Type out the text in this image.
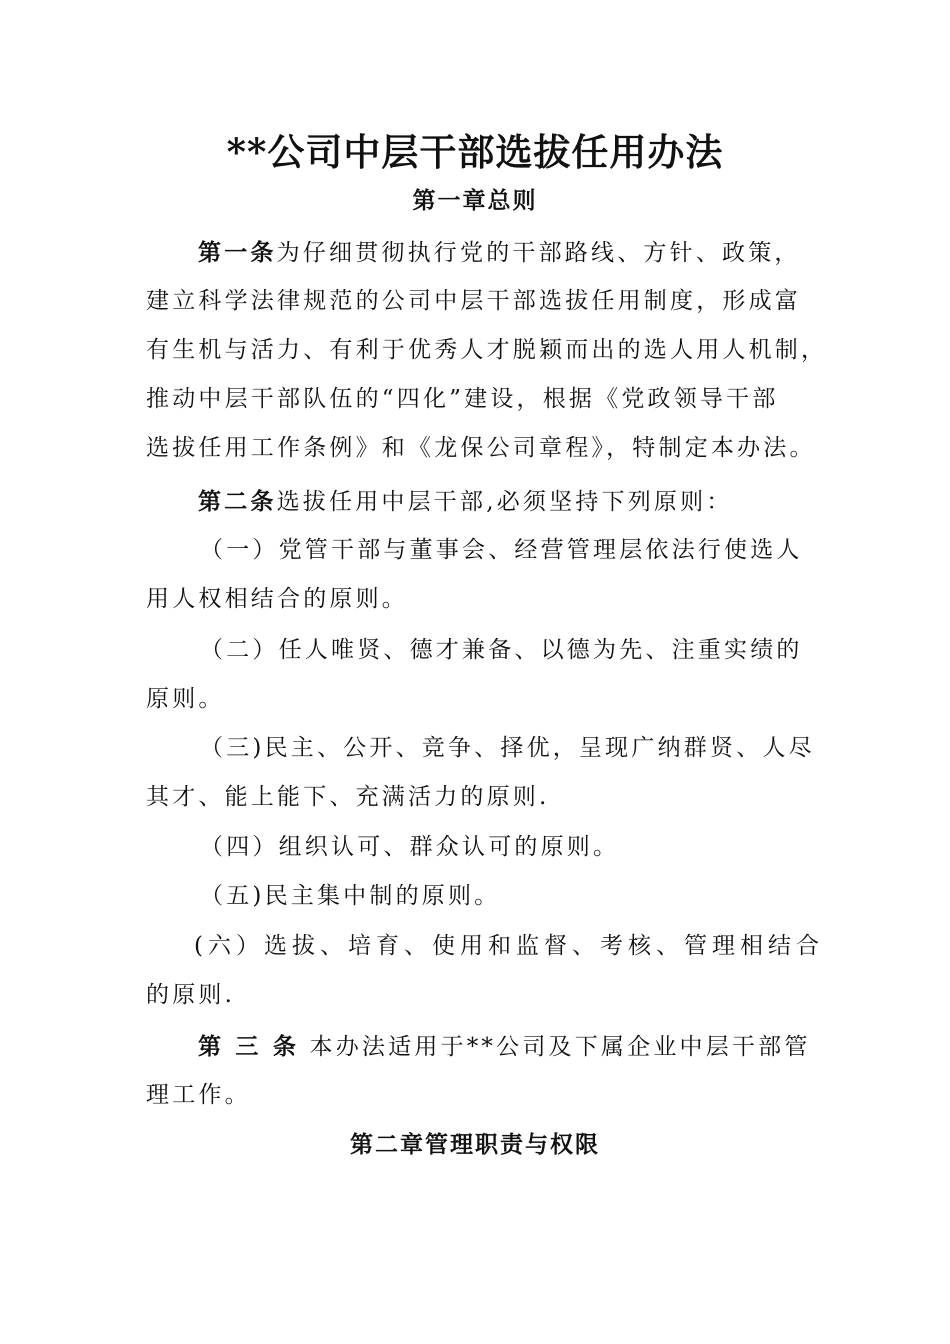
**公司中层干部选拔任用办法
第一章总则
第一条为仔细贯彻执行党的干部路线、方针、政策，
建立科学法律规范的公司中层干部选拔任用制度，形成富
有生机与活力、有利于优秀人才脱颖而出的选人用人机制，
推动中层干部队伍的“四化”建设，根据《党政领导干部
选拔任用工作条例》和《龙保公司章程》，特制定本办法。
第二条选拔任用中层干部,必须坚持下列原则：
（一）党管干部与董事会、经营管理层依法行使选人
用人权相结合的原则。
（二）任人唯贤、德才兼备、以德为先、注重实绩的
原则。
（三)民主、公开、竞争、择优，呈现广纳群贤、人尽
其才、能上能下、充满活力的原则.
（四）组织认可、群众认可的原则。
（五)民主集中制的原则。
(六）选拔、培育、使用和监督、考核、管理相结合
的原则.
第 三 条 本办法适用于**公司及下属企业中层干部管
理工作。
第二章管理职责与权限
